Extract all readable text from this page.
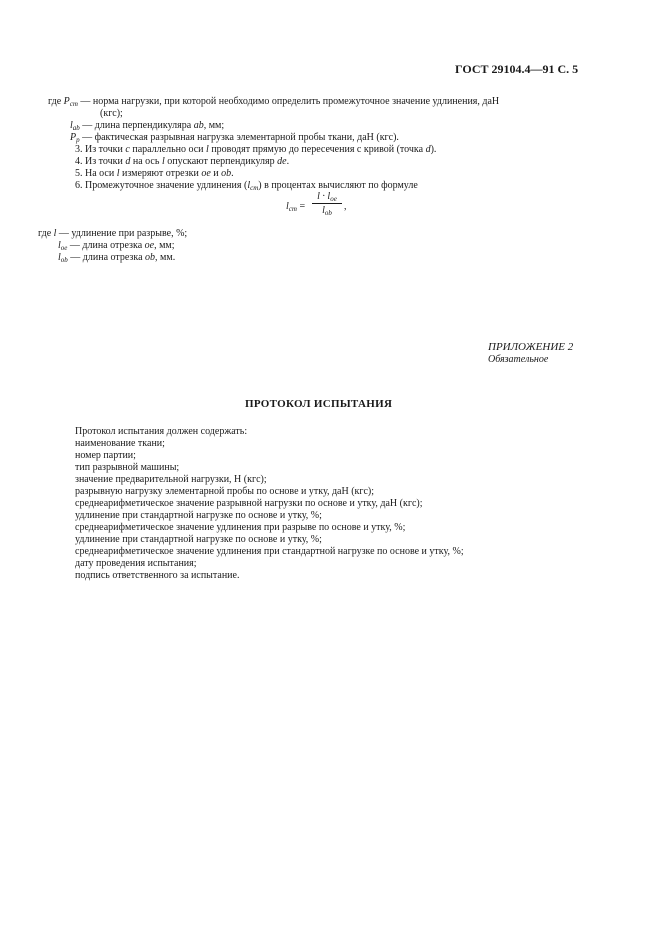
ГОСТ 29104.4—91 С. 5
где $P_{cm}$ — норма нагрузки, при которой необходимо определить промежуточное значение удлинения, даН
(кгс);
$l_{ab}$ — длина перпендикуляра ab, мм;
$P_p$ — фактическая разрывная нагрузка элементарной пробы ткани, даН (кгс).
3. Из точки c параллельно оси l проводят прямую до пересечения с кривой (точка d).
4. Из точки d на ось l опускают перпендикуляр de.
5. На оси l измеряют отрезки oe и ob.
6. Промежуточное значение удлинения $(l_{cm})$ в процентах вычисляют по формуле
$l_{cm}$ =
$l \cdot l_{oe}$
$l_{ob}$
,
где l — удлинение при разрыве, %;
$l_{oe}$ — длина отрезка oe, мм;
$l_{ob}$ — длина отрезка ob, мм.
ПРИЛОЖЕНИЕ 2
Обязательное
ПРОТОКОЛ ИСПЫТАНИЯ
Протокол испытания должен содержать:
наименование ткани;
номер партии;
тип разрывной машины;
значение предварительной нагрузки, Н (кгс);
разрывную нагрузку элементарной пробы по основе и утку, даН (кгс);
среднеарифметическое значение разрывной нагрузки по основе и утку, даН (кгс);
удлинение при стандартной нагрузке по основе и утку, %;
среднеарифметическое значение удлинения при разрыве по основе и утку, %;
удлинение при стандартной нагрузке по основе и утку, %;
среднеарифметическое значение удлинения при стандартной нагрузке по основе и утку, %;
дату проведения испытания;
подпись ответственного за испытание.
